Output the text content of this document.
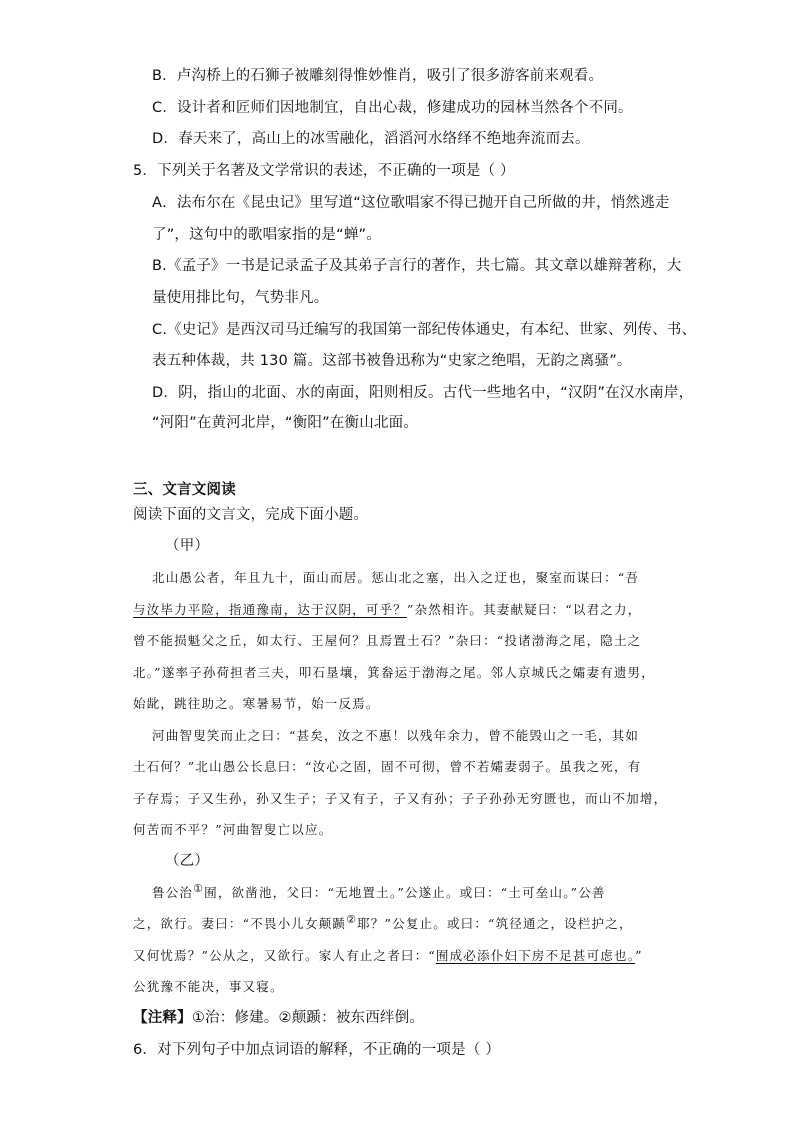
B．卢沟桥上的石狮子被雕刻得惟妙惟肖，吸引了很多游客前来观看。
C．设计者和匠师们因地制宜，自出心裁，修建成功的园林当然各个不同。
D．春天来了，高山上的冰雪融化，滔滔河水络绎不绝地奔流而去。
5．下列关于名著及文学常识的表述，不正确的一项是（ ）
A．法布尔在《昆虫记》里写道“这位歌唱家不得已抛开自己所做的井，悄然逃走
了”，这句中的歌唱家指的是“蝉”。
B.《孟子》一书是记录孟子及其弟子言行的著作，共七篇。其文章以雄辩著称，大
量使用排比句，气势非凡。
C.《史记》是西汉司马迁编写的我国第一部纪传体通史，有本纪、世家、列传、书、
表五种体裁，共 130 篇。这部书被鲁迅称为“史家之绝唱，无韵之离骚”。
D．阴，指山的北面、水的南面，阳则相反。古代一些地名中，“汉阴”在汉水南岸，
“河阳”在黄河北岸，“衡阳”在衡山北面。
三、文言文阅读
阅读下面的文言文，完成下面小题。
（甲）
北山愚公者，年且九十，面山而居。惩山北之塞，出入之迂也，聚室而谋曰：“吾
与汝毕力平险，指通豫南，达于汉阴，可乎？”杂然相许。其妻献疑曰：“以君之力，
曾不能损魁父之丘，如太行、王屋何？且焉置土石？”杂曰：“投诸渤海之尾，隐土之
北。”遂率子孙荷担者三夫，叩石垦壤，箕畚运于渤海之尾。邻人京城氏之孀妻有遗男，
始龀，跳往助之。寒暑易节，始一反焉。
河曲智叟笑而止之曰：“甚矣，汝之不惠！以残年余力，曾不能毁山之一毛，其如
土石何？”北山愚公长息曰：“汝心之固，固不可彻，曾不若孀妻弱子。虽我之死，有
子存焉；子又生孙，孙又生子；子又有子，子又有孙；子子孙孙无穷匮也，而山不加增，
何苦而不平？”河曲智叟亡以应。
（乙）
鲁公治①囿，欲凿池，父曰：“无地置土。”公遂止。或曰：“土可垒山。”公善
之，欲行。妻曰：“不畏小儿女颠踬②耶？”公复止。或曰：“筑径通之，设栏护之，
又何忧焉？”公从之，又欲行。家人有止之者曰：“囿成必添仆妇下房不足甚可虑也。”
公犹豫不能决，事又寝。
【注释】①治：修建。②颠踬：被东西绊倒。
6．对下列句子中加点词语的解释，不正确的一项是（ ）
